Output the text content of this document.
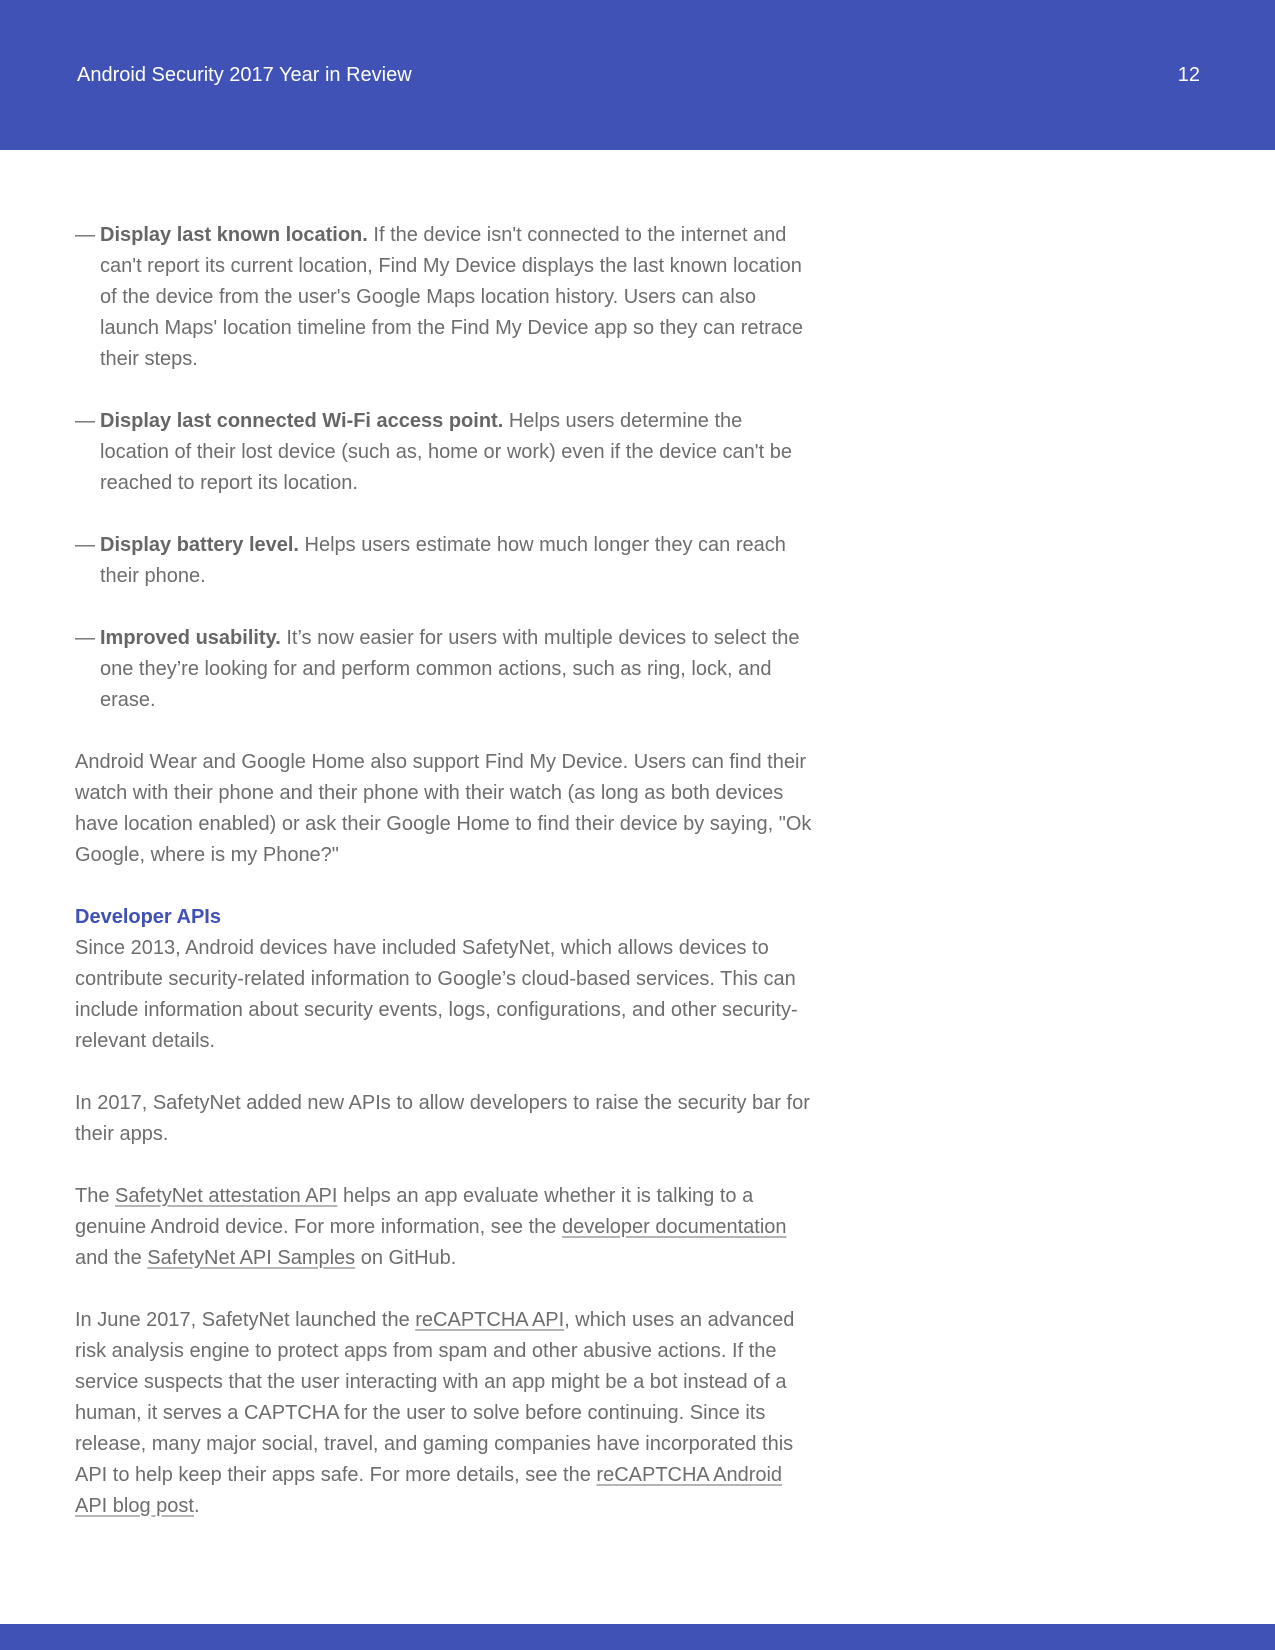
Android Security 2017 Year in Review	12
— Display last known location. If the device isn't connected to the internet and can't report its current location, Find My Device displays the last known location of the device from the user's Google Maps location history. Users can also launch Maps' location timeline from the Find My Device app so they can retrace their steps.
— Display last connected Wi-Fi access point. Helps users determine the location of their lost device (such as, home or work) even if the device can't be reached to report its location.
— Display battery level. Helps users estimate how much longer they can reach their phone.
— Improved usability. It’s now easier for users with multiple devices to select the one they’re looking for and perform common actions, such as ring, lock, and erase.

Android Wear and Google Home also support Find My Device. Users can find their watch with their phone and their phone with their watch (as long as both devices have location enabled) or ask their Google Home to find their device by saying, "Ok Google, where is my Phone?"

Developer APIs

Since 2013, Android devices have included SafetyNet, which allows devices to contribute security-related information to Google’s cloud-based services. This can include information about security events, logs, configurations, and other security-relevant details.

In 2017, SafetyNet added new APIs to allow developers to raise the security bar for their apps.

The SafetyNet attestation API helps an app evaluate whether it is talking to a genuine Android device. For more information, see the developer documentation and the SafetyNet API Samples on GitHub.

In June 2017, SafetyNet launched the reCAPTCHA API, which uses an advanced risk analysis engine to protect apps from spam and other abusive actions. If the service suspects that the user interacting with an app might be a bot instead of a human, it serves a CAPTCHA for the user to solve before continuing. Since its release, many major social, travel, and gaming companies have incorporated this API to help keep their apps safe. For more details, see the reCAPTCHA Android API blog post.
